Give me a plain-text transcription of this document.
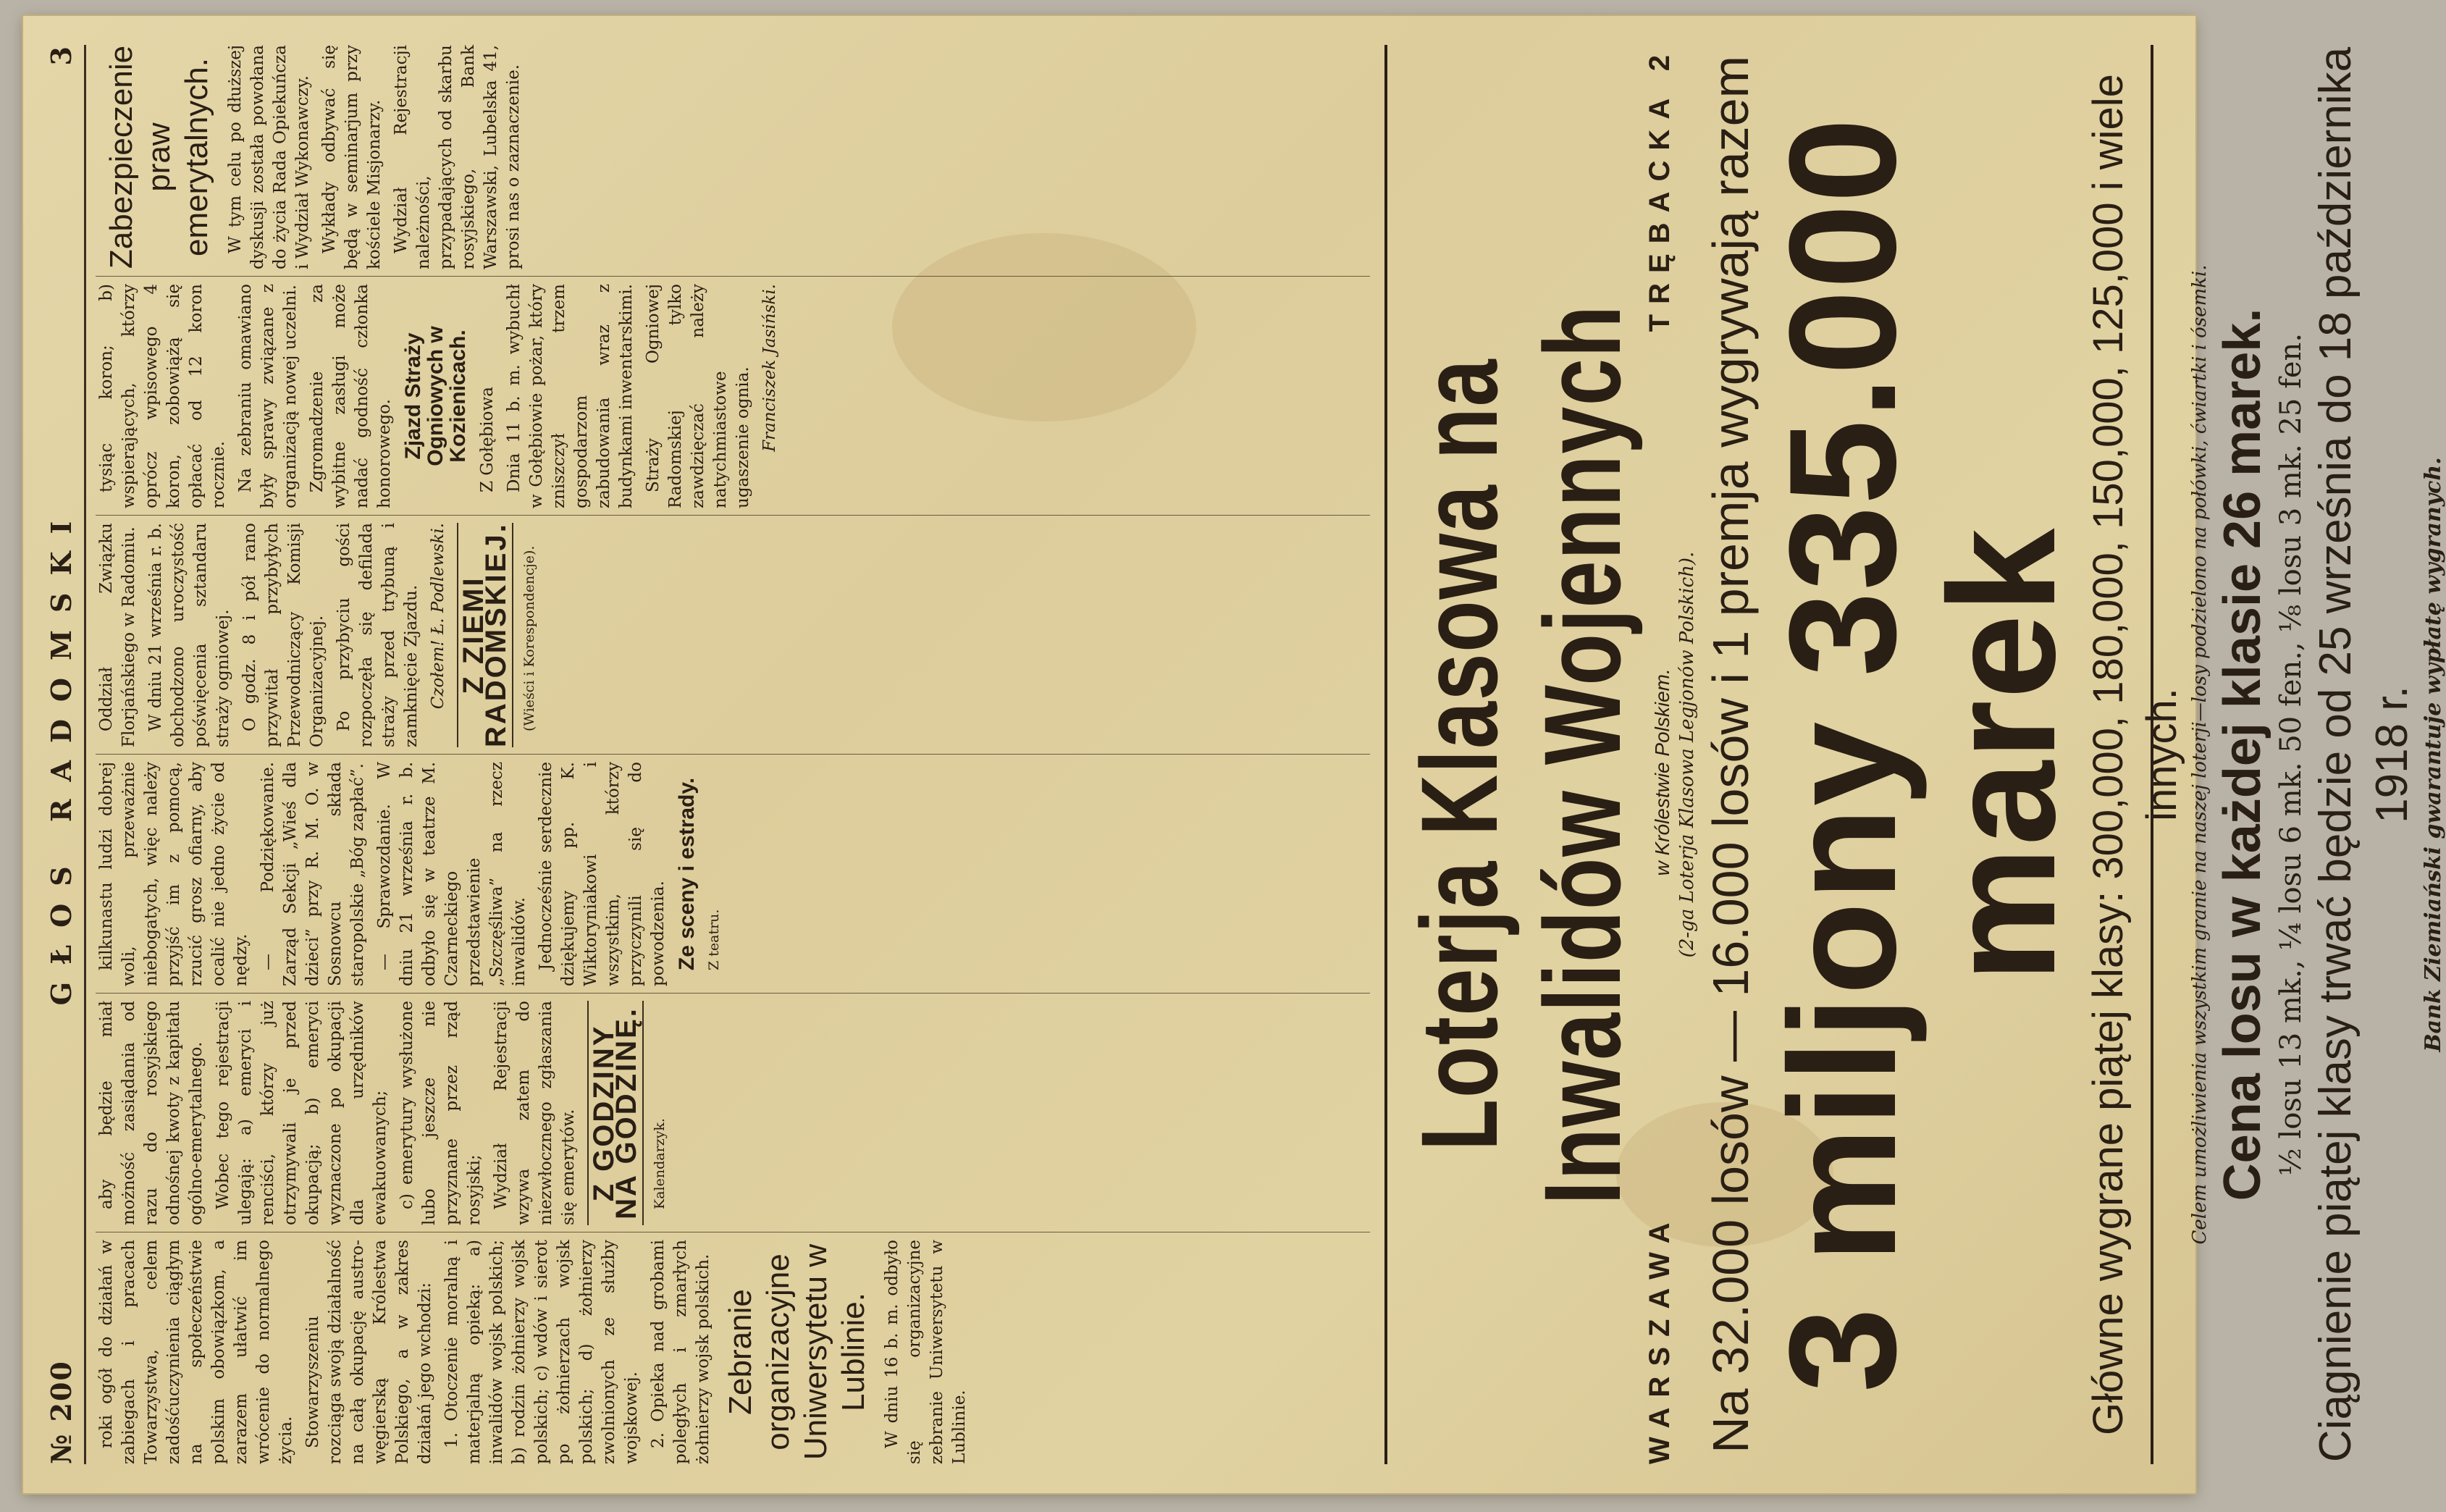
№ 200
GŁOS RADOMSKI
3

roki ogół do działań w zabiegach i pracach Towarzystwa, celem zadośćuczynienia ciągłym na społeczeństwie polskim obowiązkom, a zarazem ułatwić im wrócenie do normalnego życia. Stowarzyszeniu rozciąga swoją działalność na całą okupację austro-węgierską Królestwa Polskiego, a w zakres działań jego wchodzi: 1. Otoczenie moralną i materjalną opieką: a) inwalidów wojsk polskich; b) rodzin żołnierzy wojsk polskich; c) wdów i sierot po żołnierzach wojsk polskich; d) żołnierzy zwolnionych ze służby wojskowej. 2. Opieka nad grobami poległych i zmarłych żołnierzy wojsk polskich. Zebranie organizacyjne Uniwersytetu w Lublinie. W dniu 16 b. m. odbyło się organizacyjne zebranie Uniwersytetu w Lublinie.

aby będzie miał możność zasiądania od razu do rosyjskiego odnośnej kwoty z kapitału ogólno-emerytalnego. Wobec tego rejestracji ulegają: a) emeryci i renciści, którzy już otrzymywali je przed okupacją; b) emeryci wyznaczone po okupacji dla urzędników ewakuowanych; c) emerytury wysłużone lubo jeszcze nie przyznane przez rząd rosyjski; Wydział Rejestracji wzywa zatem do niezwłocznego zgłaszania się emerytów. Z GODZINY NA GODZINĘ. Kalendarzyk.

kilkunastu ludzi dobrej woli, przeważnie niebogatych, więc należy przyjść im z pomocą, rzucić grosz ofiarny, aby ocalić nie jedno życie od nędzy. — Podziękowanie. Zarząd Sekcji „Wieś dla dzieci” przy R. M. O. w Sosnowcu składa staropolskie „Bóg zapłać”. — Sprawozdanie. W dniu 21 września r. b. odbyło się w teatrze M. Czarneckiego przedstawienie „Szczęśliwa” na rzecz inwalidów. Jednocześnie serdecznie dziękujemy pp. K. Wiktoryniakowi i wszystkim, którzy przyczynili się do powodzenia. Ze sceny i estrady. Z teatru.

Oddział Związku Florjańskiego w Radomiu. W dniu 21 września r. b. obchodzono uroczystość poświęcenia sztandaru straży ogniowej. O godz. 8 i pół rano przywitał przybyłych Przewodniczący Komisji Organizacyjnej. Po przybyciu gości rozpoczęła się defilada straży przed trybuną i zamknięcie Zjazdu. Czołem! Ł. Podlewski. Z ZIEMI RADOMSKIEJ. (Wieści i Korespondencje).

tysiąc koron; b) wspierających, którzy oprócz wpisowego 4 koron, zobowiążą się opłacać od 12 koron rocznie. Na zebraniu omawiano były sprawy związane z organizacją nowej uczelni. Zgromadzenie za wybitne zasługi może nadać godność członka honorowego. Zjazd Straży Ogniowych w Kozienicach. Z Gołębiowa Dnia 11 b. m. wybuchł w Gołębiowie pożar, który zniszczył trzem gospodarzom zabudowania wraz z budynkami inwentarskimi. Straży Ogniowej Radomskiej tylko zawdzięczać należy natychmiastowe ugaszenie ognia. Franciszek Jasiński.

Zabezpieczenie praw emerytalnych. W tym celu po dłuższej dyskusji została powołana do życia Rada Opiekuńcza i Wydział Wykonawczy. Wykłady odbywać się będą w seminarjum przy kościele Misjonarzy. Wydział Rejestracji należności, przypadających od skarbu rosyjskiego, Bank Warszawski, Lubelska 41, prosi nas o zaznaczenie.

Loterja Klasowa na Inwalidów Wojennych
WARSZAWA
w Królestwie Polskiem.
TRĘBACKA 2
(2-ga Loterja Klasowa Legjonów Polskich). Na 32.000 losów — 16.000 losów i 1 premja wygrywają razem
3 miljony 335.000 marek
Główne wygrane piątej klasy: 300,000, 180,000, 150,000, 125,000 i wiele innych. Celem umożliwienia wszystkim granie na naszej loterji—losy podzielono na połówki, ćwiartki i ósemki. Cena losu w każdej klasie 26 marek. ½ losu 13 mk., ¼ losu 6 mk. 50 fen., ⅛ losu 3 mk. 25 fen. Ciągnienie piątej klasy trwać będzie od 25 września do 18 października 1918 r. Bank Ziemiański gwarantuje wypłatę wygranych.
